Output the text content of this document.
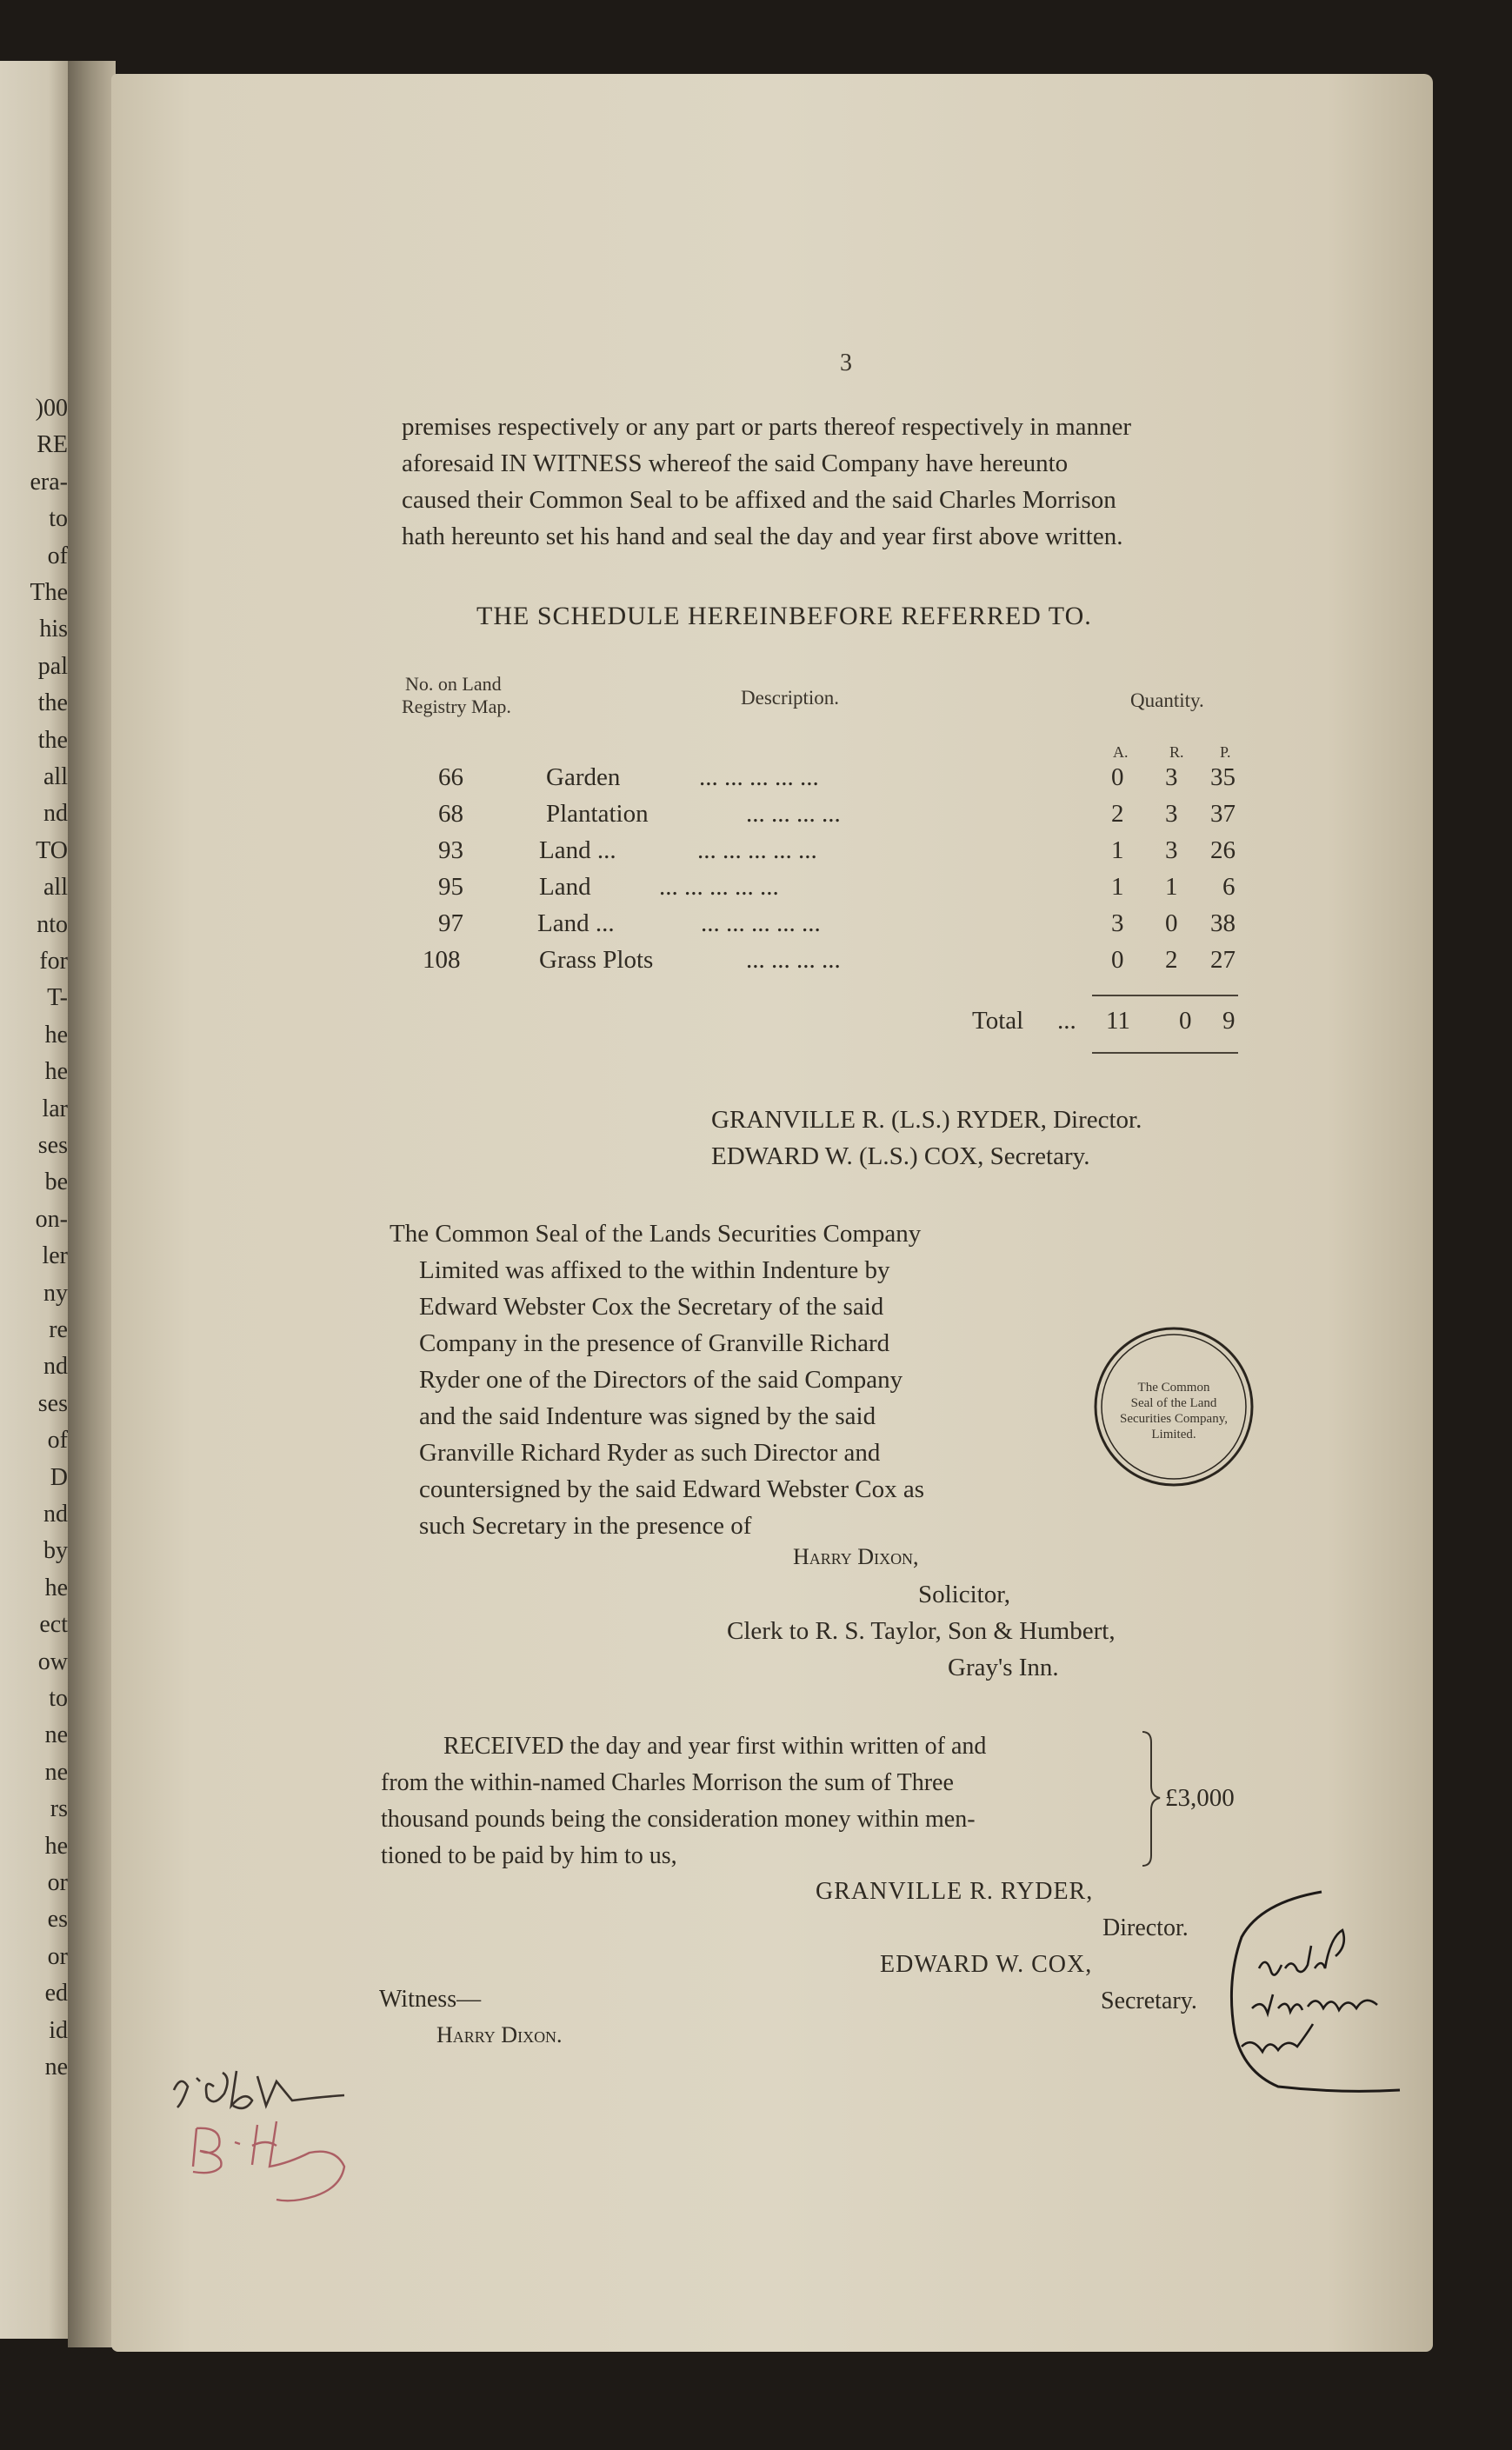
)00
RE
era-
to
of
The
his
pal
the
the
all
nd
TO
all
nto
for
T-
he
he
lar
ses
be
on-
ler
ny
re
nd
ses
of
D
nd
by
he
ect
ow
to
ne
ne
rs
he
or
es
or
ed
id
ne
3
premises respectively or any part or parts thereof respectively in manner
aforesaid IN WITNESS whereof the said Company have hereunto
caused their Common Seal to be affixed and the said Charles Morrison
hath hereunto set his hand and seal the day and year first above written.
THE SCHEDULE HEREINBEFORE REFERRED TO.
No. on Land
Registry Map.	Description.	Quantity.
A.	R. P.
66	Garden	... ... ... ... ...	0 3 35
68	Plantation	... ... ... ...	2 3 37
93	Land ...	... ... ... ... ...	1 3 26
95	Land	... ... ... ... ...	1 1 6
97	Land ...	... ... ... ... ...	3 0 38
108	Grass Plots	... ... ... ...	0 2 27
Total ... 11 0 9
GRANVILLE R. (L.S.) RYDER, Director.
EDWARD W. (L.S.) COX, Secretary.
The Common Seal of the Lands Securities Company
Limited was affixed to the within Indenture by
Edward Webster Cox the Secretary of the said
Company in the presence of Granville Richard
Ryder one of the Directors of the said Company
and the said Indenture was signed by the said
Granville Richard Ryder as such Director and
countersigned by the said Edward Webster Cox as
such Secretary in the presence of
The Common
Seal of the Land
Securities Company,
Limited.
Harry Dixon,
Solicitor,
Clerk to R. S. Taylor, Son & Humbert,
Gray's Inn.
RECEIVED the day and year first within written of and
from the within-named Charles Morrison the sum of Three
thousand pounds being the consideration money within men-
tioned to be paid by him to us,
£3,000
GRANVILLE R. RYDER,
Director.
EDWARD W. COX,
Secretary.
Witness—
Harry Dixon.
